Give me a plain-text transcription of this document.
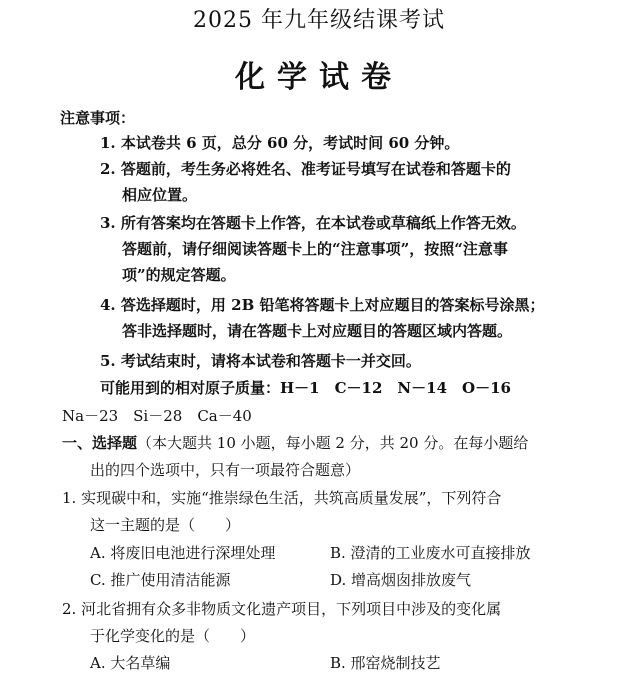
2025 年九年级结课考试
化学试卷
注意事项：
1. 本试卷共 6 页，总分 60 分，考试时间 60 分钟。
2. 答题前，考生务必将姓名、准考证号填写在试卷和答题卡的
相应位置。
3. 所有答案均在答题卡上作答，在本试卷或草稿纸上作答无效。
答题前，请仔细阅读答题卡上的“注意事项”，按照“注意事
项”的规定答题。
4. 答选择题时，用 2B 铅笔将答题卡上对应题目的答案标号涂黑；
答非选择题时，请在答题卡上对应题目的答题区域内答题。
5. 考试结束时，请将本试卷和答题卡一并交回。
可能用到的相对原子质量：H－1　C－12　N－14　O－16
Na－23　Si－28　Ca－40
一、选择题（本大题共 10 小题，每小题 2 分，共 20 分。在每小题给
出的四个选项中，只有一项最符合题意）
1. 实现碳中和，实施“推崇绿色生活，共筑高质量发展”，下列符合
这一主题的是（　　）
A. 将废旧电池进行深埋处理	B. 澄清的工业废水可直接排放
C. 推广使用清洁能源	D. 增高烟囱排放废气
2. 河北省拥有众多非物质文化遗产项目，下列项目中涉及的变化属
于化学变化的是（　　）
A. 大名草编	B. 邢窑烧制技艺
